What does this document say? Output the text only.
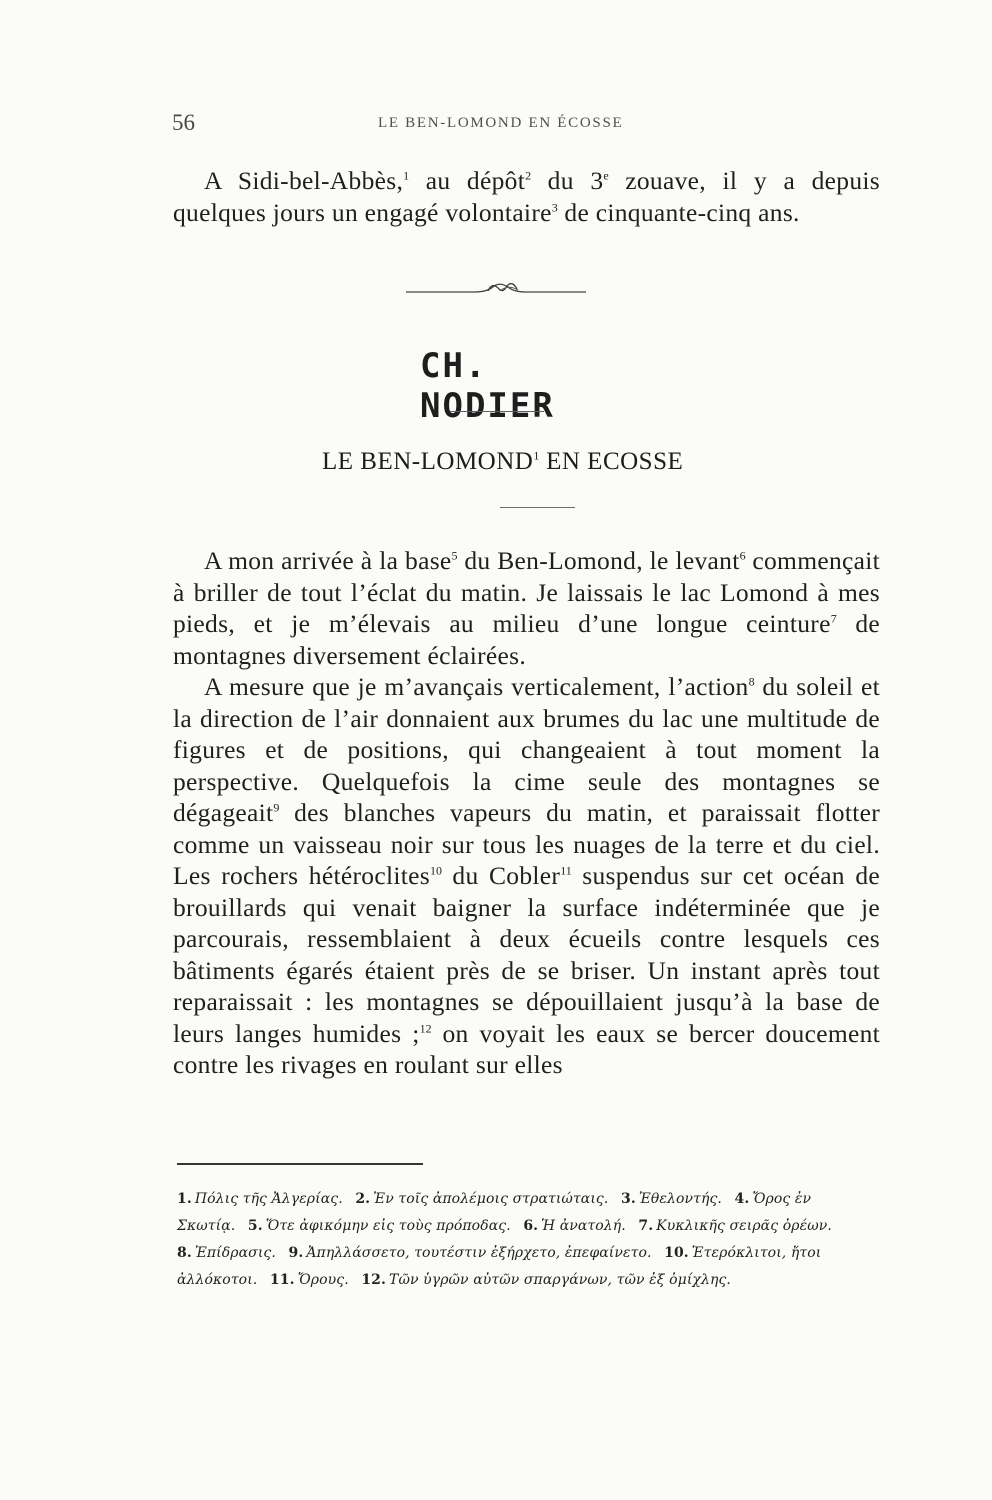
56	LE BEN-LOMOND EN ÉCOSSE

A Sidi-bel-Abbès,$^1$ au dépôt$^2$ du 3e zouave, il y a depuis quelques jours un engagé volontaire$^3$ de cinquante-cinq ans.

CH. NODIER
LE BEN-LOMOND$^1$ EN ECOSSE

A mon arrivée à la base$^5$ du Ben-Lomond, le levant$^6$ commençait à briller de tout l’éclat du matin. Je laissais le lac Lomond à mes pieds, et je m’élevais au milieu d’une longue ceinture$^7$ de montagnes diversement éclairées.

A mesure que je m’avançais verticalement, l’action$^8$ du soleil et la direction de l’air donnaient aux brumes du lac une multitude de figures et de positions, qui changeaient à tout moment la perspective. Quelquefois la cime seule des montagnes se dégageait$^9$ des blanches vapeurs du matin, et paraissait flotter comme un vaisseau noir sur tous les nuages de la terre et du ciel. Les rochers hétéroclites$^{10}$ du Cobler$^{11}$ suspendus sur cet océan de brouillards qui venait baigner la surface indéterminée que je parcourais, ressemblaient à deux écueils contre lesquels ces bâtiments égarés étaient près de se briser. Un instant après tout reparaissait : les montagnes se dépouillaient jusqu’à la base de leurs langes humides ;$^{12}$ on voyait les eaux se bercer doucement contre les rivages en roulant sur elles

1. Πόλις τῆς Ἀλγερίας. 2. Ἐν τοῖς ἀπολέμοις στρατιώταις. 3. Ἐθελοντής. 4. Ὄρος ἐν Σκωτίᾳ. 5. Ὅτε ἀφικόμην εἰς τοὺς πρόποδας. 6. Ἡ ἀνατολή. 7. Κυκλικῆς σειρᾶς ὀρέων. 8. Ἐπίδρασις. 9. Ἀπηλλάσσετο, τουτέστιν ἐξήρχετο, ἐπεφαίνετο. 10. Ἑτερόκλιτοι, ἤτοι ἀλλόκοτοι. 11. Ὄρους. 12. Τῶν ὑγρῶν αὐτῶν σπαργάνων, τῶν ἐξ ὁμίχλης.
